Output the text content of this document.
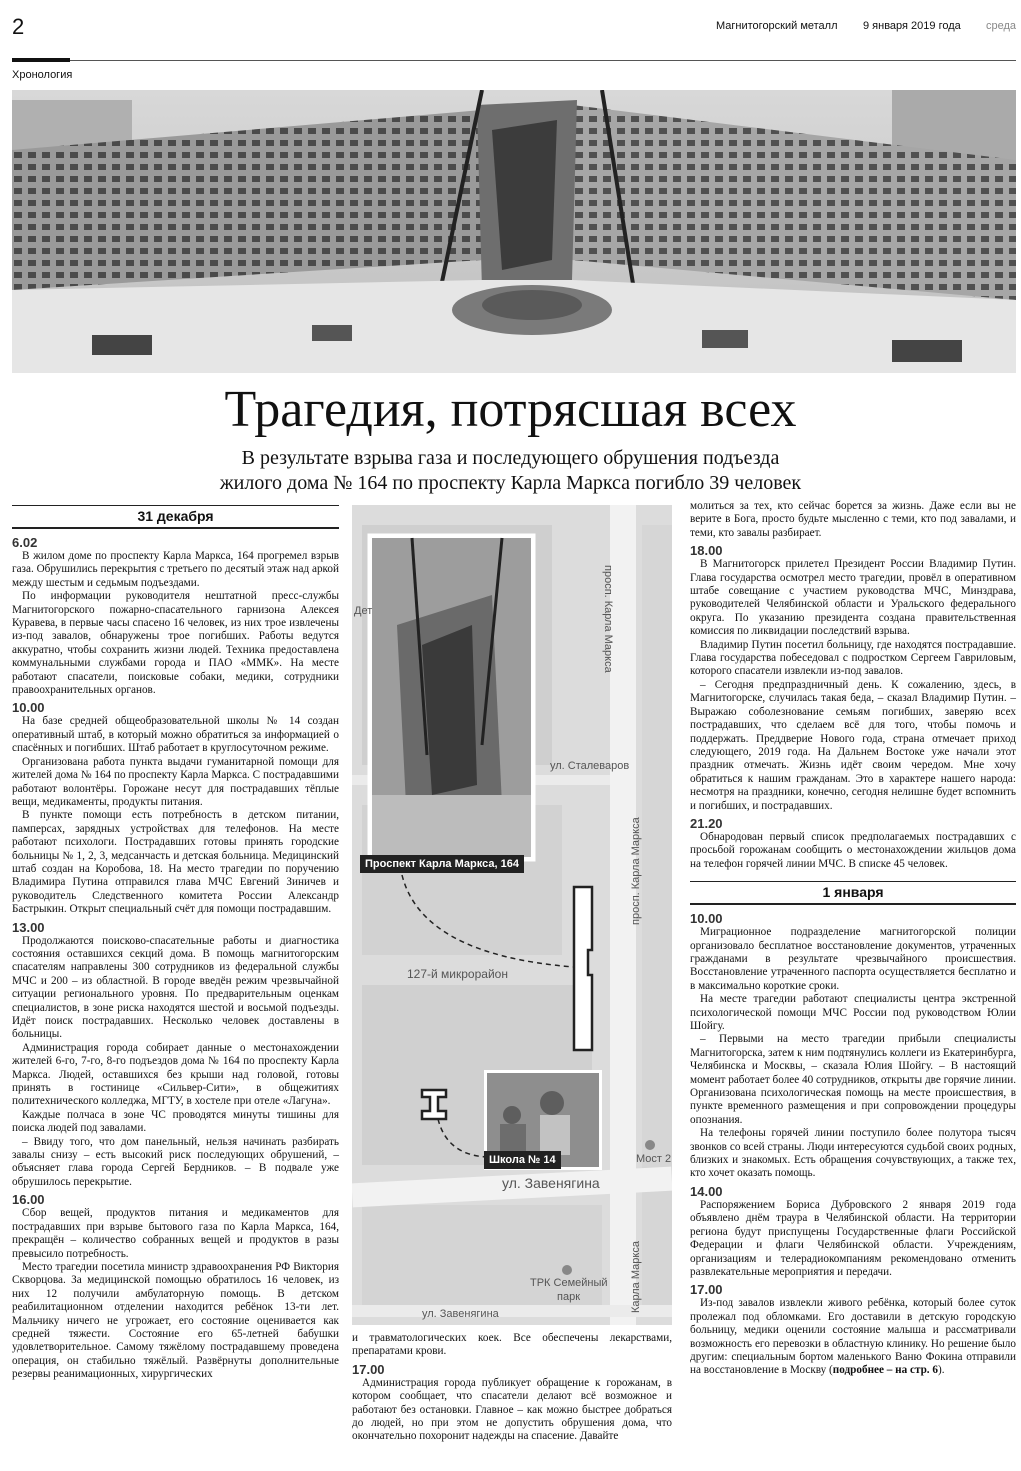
2	Магнитогорский металл 9 января 2019 года среда
Хронология
Трагедия, потрясшая всех
В результате взрыва газа и последующего обрушения подъезда
жилого дома № 164 по проспекту Карла Маркса погибло 39 человек
31 декабря
6.02

В жилом доме по проспекту Карла Маркса, 164 прогремел взрыв газа. Обрушились перекрытия с третьего по десятый этаж над аркой между шестым и седьмым подъездами.

По информации руководителя нештатной пресс-службы Магнитогорского пожарно-спасательного гарнизона Алексея Куравева, в первые часы спасено 16 человек, из них трое извлечены из-под завалов, обнаружены трое погибших. Работы ведутся аккуратно, чтобы сохранить жизни людей. Техника предоставлена коммунальными службами города и ПАО «ММК». На месте работают спасатели, поисковые собаки, медики, сотрудники правоохранительных органов.

10.00

На базе средней общеобразовательной школы № 14 создан оперативный штаб, в который можно обратиться за информацией о спасённых и погибших. Штаб работает в круглосуточном режиме.

Организована работа пункта выдачи гуманитарной помощи для жителей дома № 164 по проспекту Карла Маркса. С пострадавшими работают волонтёры. Горожане несут для пострадавших тёплые вещи, медикаменты, продукты питания.

В пункте помощи есть потребность в детском питании, памперсах, зарядных устройствах для телефонов. На месте работают психологи. Пострадавших готовы принять городские больницы № 1, 2, 3, медсанчасть и детская больница. Медицинский штаб создан на Коробова, 18. На место трагедии по поручению Владимира Путина отправился глава МЧС Евгений Зиничев и руководитель Следственного комитета России Александр Бастрыкин. Открыт специальный счёт для помощи пострадавшим.

13.00

Продолжаются поисково-спасательные работы и диагностика состояния оставшихся секций дома. В помощь магнитогорским спасателям направлены 300 сотрудников из федеральной службы МЧС и 200 – из областной. В городе введён режим чрезвычайной ситуации регионального уровня. По предварительным оценкам специалистов, в зоне риска находятся шестой и восьмой подъезды. Идёт поиск пострадавших. Несколько человек доставлены в больницы.

Администрация города собирает данные о местонахождении жителей 6-го, 7-го, 8-го подъездов дома № 164 по проспекту Карла Маркса. Людей, оставшихся без крыши над головой, готовы принять в гостинице «Сильвер-Сити», в общежитиях политехнического колледжа, МГТУ, в хостеле при отеле «Лагуна».

Каждые полчаса в зоне ЧС проводятся минуты тишины для поиска людей под завалами.

– Ввиду того, что дом панельный, нельзя начинать разбирать завалы снизу – есть высокий риск последующих обрушений, – объясняет глава города Сергей Бердников. – В подвале уже обрушилось перекрытие.

16.00

Сбор вещей, продуктов питания и медикаментов для пострадавших при взрыве бытового газа по Карла Маркса, 164, прекращён – количество собранных вещей и продуктов в разы превысило потребность.

Место трагедии посетила министр здравоохранения РФ Виктория Скворцова. За медицинской помощью обратилось 16 человек, из них 12 получили амбулаторную помощь. В детском реабилитационном отделении находится ребёнок 13-ти лет. Мальчику ничего не угрожает, его состояние оценивается как средней тяжести. Состояние его 65-летней бабушки удовлетворительное. Самому тяжёлому пострадавшему проведена операция, он стабильно тяжёлый. Развёрнуты дополнительные резервы реанимационных, хирургических

Дет	просп. Карла Маркса
ул. Сталеваров
просп. Карла Маркса
127-й микрорайон
Мост 2
ул. Завенягина
ТРК Семейный
парк
ул. Завенягина
Карла Маркса
Проспект Карла Маркса, 164
Школа № 14

и травматологических коек. Все обеспечены лекарствами, препаратами крови.

17.00

Администрация города публикует обращение к горожанам, в котором сообщает, что спасатели делают всё возможное и работают без остановки. Главное – как можно быстрее добраться до людей, но при этом не допустить обрушения дома, что окончательно похоронит надежды на спасение. Давайте

молиться за тех, кто сейчас борется за жизнь. Даже если вы не верите в Бога, просто будьте мысленно с теми, кто под завалами, и теми, кто завалы разбирает.

18.00

В Магнитогорск прилетел Президент России Владимир Путин. Глава государства осмотрел место трагедии, провёл в оперативном штабе совещание с участием руководства МЧС, Минздрава, руководителей Челябинской области и Уральского федерального округа. По указанию президента создана правительственная комиссия по ликвидации последствий взрыва.

Владимир Путин посетил больницу, где находятся пострадавшие. Глава государства побеседовал с подростком Сергеем Гавриловым, которого спасатели извлекли из-под завалов.

– Сегодня предпраздничный день. К сожалению, здесь, в Магнитогорске, случилась такая беда, – сказал Владимир Путин. – Выражаю соболезнование семьям погибших, заверяю всех пострадавших, что сделаем всё для того, чтобы помочь и поддержать. Преддверие Нового года, страна отмечает приход следующего, 2019 года. На Дальнем Востоке уже начали этот праздник отмечать. Жизнь идёт своим чередом. Мне хочу обратиться к нашим гражданам. Это в характере нашего народа: несмотря на праздники, конечно, сегодня нелишне будет вспомнить и погибших, и пострадавших.

21.20

Обнародован первый список предполагаемых пострадавших с просьбой горожанам сообщить о местонахождении жильцов дома на телефон горячей линии МЧС. В списке 45 человек.

1 января
10.00

Миграционное подразделение магнитогорской полиции организовало бесплатное восстановление документов, утраченных гражданами в результате чрезвычайного происшествия. Восстановление утраченного паспорта осуществляется бесплатно и в максимально короткие сроки.

На месте трагедии работают специалисты центра экстренной психологической помощи МЧС России под руководством Юлии Шойгу.

– Первыми на место трагедии прибыли специалисты Магнитогорска, затем к ним подтянулись коллеги из Екатеринбурга, Челябинска и Москвы, – сказала Юлия Шойгу. – В настоящий момент работает более 40 сотрудников, открыты две горячие линии. Организована психологическая помощь на месте происшествия, в пункте временного размещения и при сопровождении процедуры опознания.

На телефоны горячей линии поступило более полутора тысяч звонков со всей страны. Люди интересуются судьбой своих родных, близких и знакомых. Есть обращения сочувствующих, а также тех, кто хочет оказать помощь.

14.00

Распоряжением Бориса Дубровского 2 января 2019 года объявлено днём траура в Челябинской области. На территории региона будут приспущены Государственные флаги Российской Федерации и флаги Челябинской области. Учреждениям, организациям и телерадиокомпаниям рекомендовано отменить развлекательные мероприятия и передачи.

17.00

Из-под завалов извлекли живого ребёнка, который более суток пролежал под обломками. Его доставили в детскую городскую больницу, медики оценили состояние малыша и рассматривали возможность его перевозки в областную клинику. Но решение было другим: специальным бортом маленького Ваню Фокина отправили на восстановление в Москву (подробнее – на стр. 6).
